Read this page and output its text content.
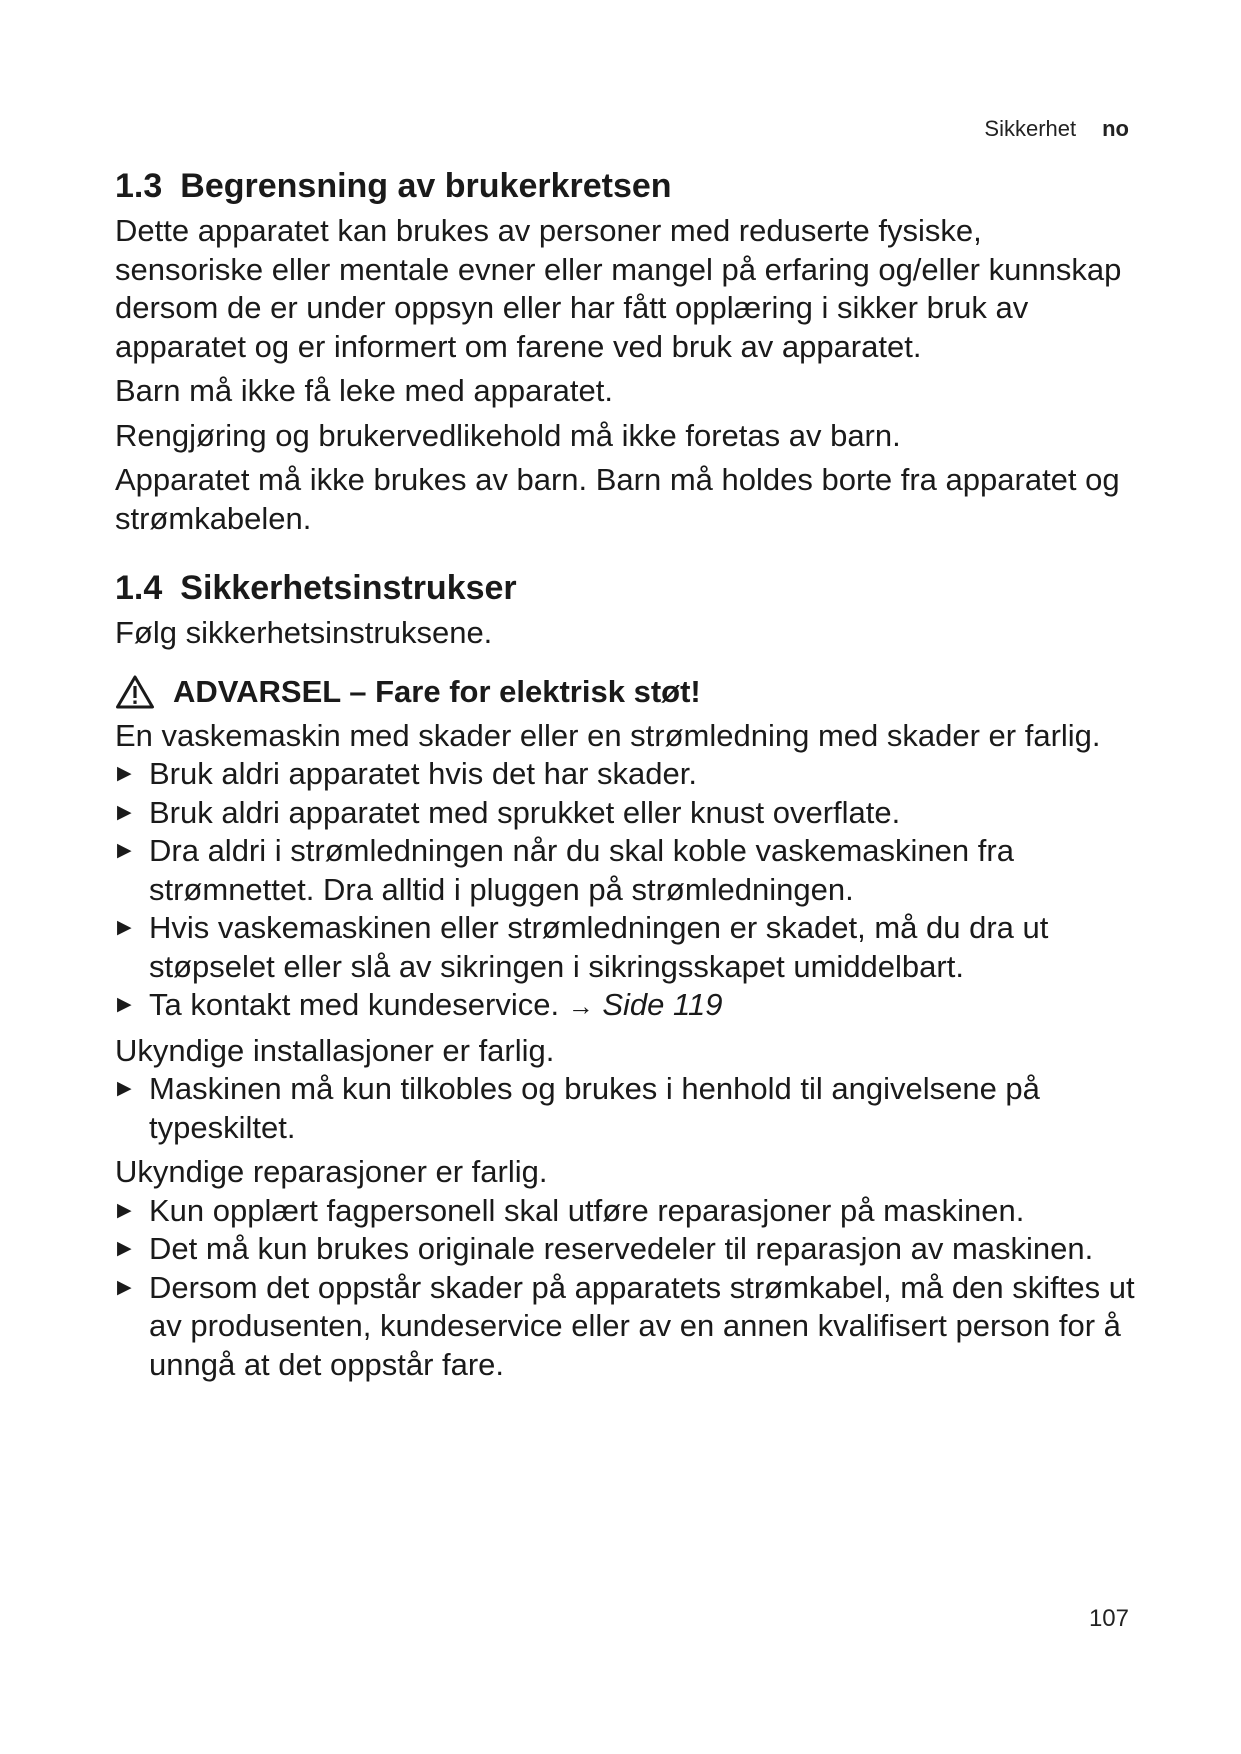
Sikkerhet no
1.3 Begrensning av brukerkretsen

Dette apparatet kan brukes av personer med reduserte fysiske, sensoriske eller mentale evner eller mangel på erfaring og/eller kunnskap dersom de er under oppsyn eller har fått opplæring i sikker bruk av apparatet og er informert om farene ved bruk av apparatet.

Barn må ikke få leke med apparatet.

Rengjøring og brukervedlikehold må ikke foretas av barn.

Apparatet må ikke brukes av barn. Barn må holdes borte fra apparatet og strømkabelen.

1.4 Sikkerhetsinstrukser

Følg sikkerhetsinstruksene.

ADVARSEL – Fare for elektrisk støt!

En vaskemaskin med skader eller en strømledning med skader er farlig.

▶ Bruk aldri apparatet hvis det har skader.
▶ Bruk aldri apparatet med sprukket eller knust overflate.
▶ Dra aldri i strømledningen når du skal koble vaskemaskinen fra strømnettet. Dra alltid i pluggen på strømledningen.
▶ Hvis vaskemaskinen eller strømledningen er skadet, må du dra ut støpselet eller slå av sikringen i sikringsskapet umiddelbart.
▶ Ta kontakt med kundeservice. → Side 119

Ukyndige installasjoner er farlig.

▶ Maskinen må kun tilkobles og brukes i henhold til angivelsene på typeskiltet.

Ukyndige reparasjoner er farlig.

▶ Kun opplært fagpersonell skal utføre reparasjoner på maskinen.
▶ Det må kun brukes originale reservedeler til reparasjon av maskinen.
▶ Dersom det oppstår skader på apparatets strømkabel, må den skiftes ut av produsenten, kundeservice eller av en annen kvalifisert person for å unngå at det oppstår fare.
107
